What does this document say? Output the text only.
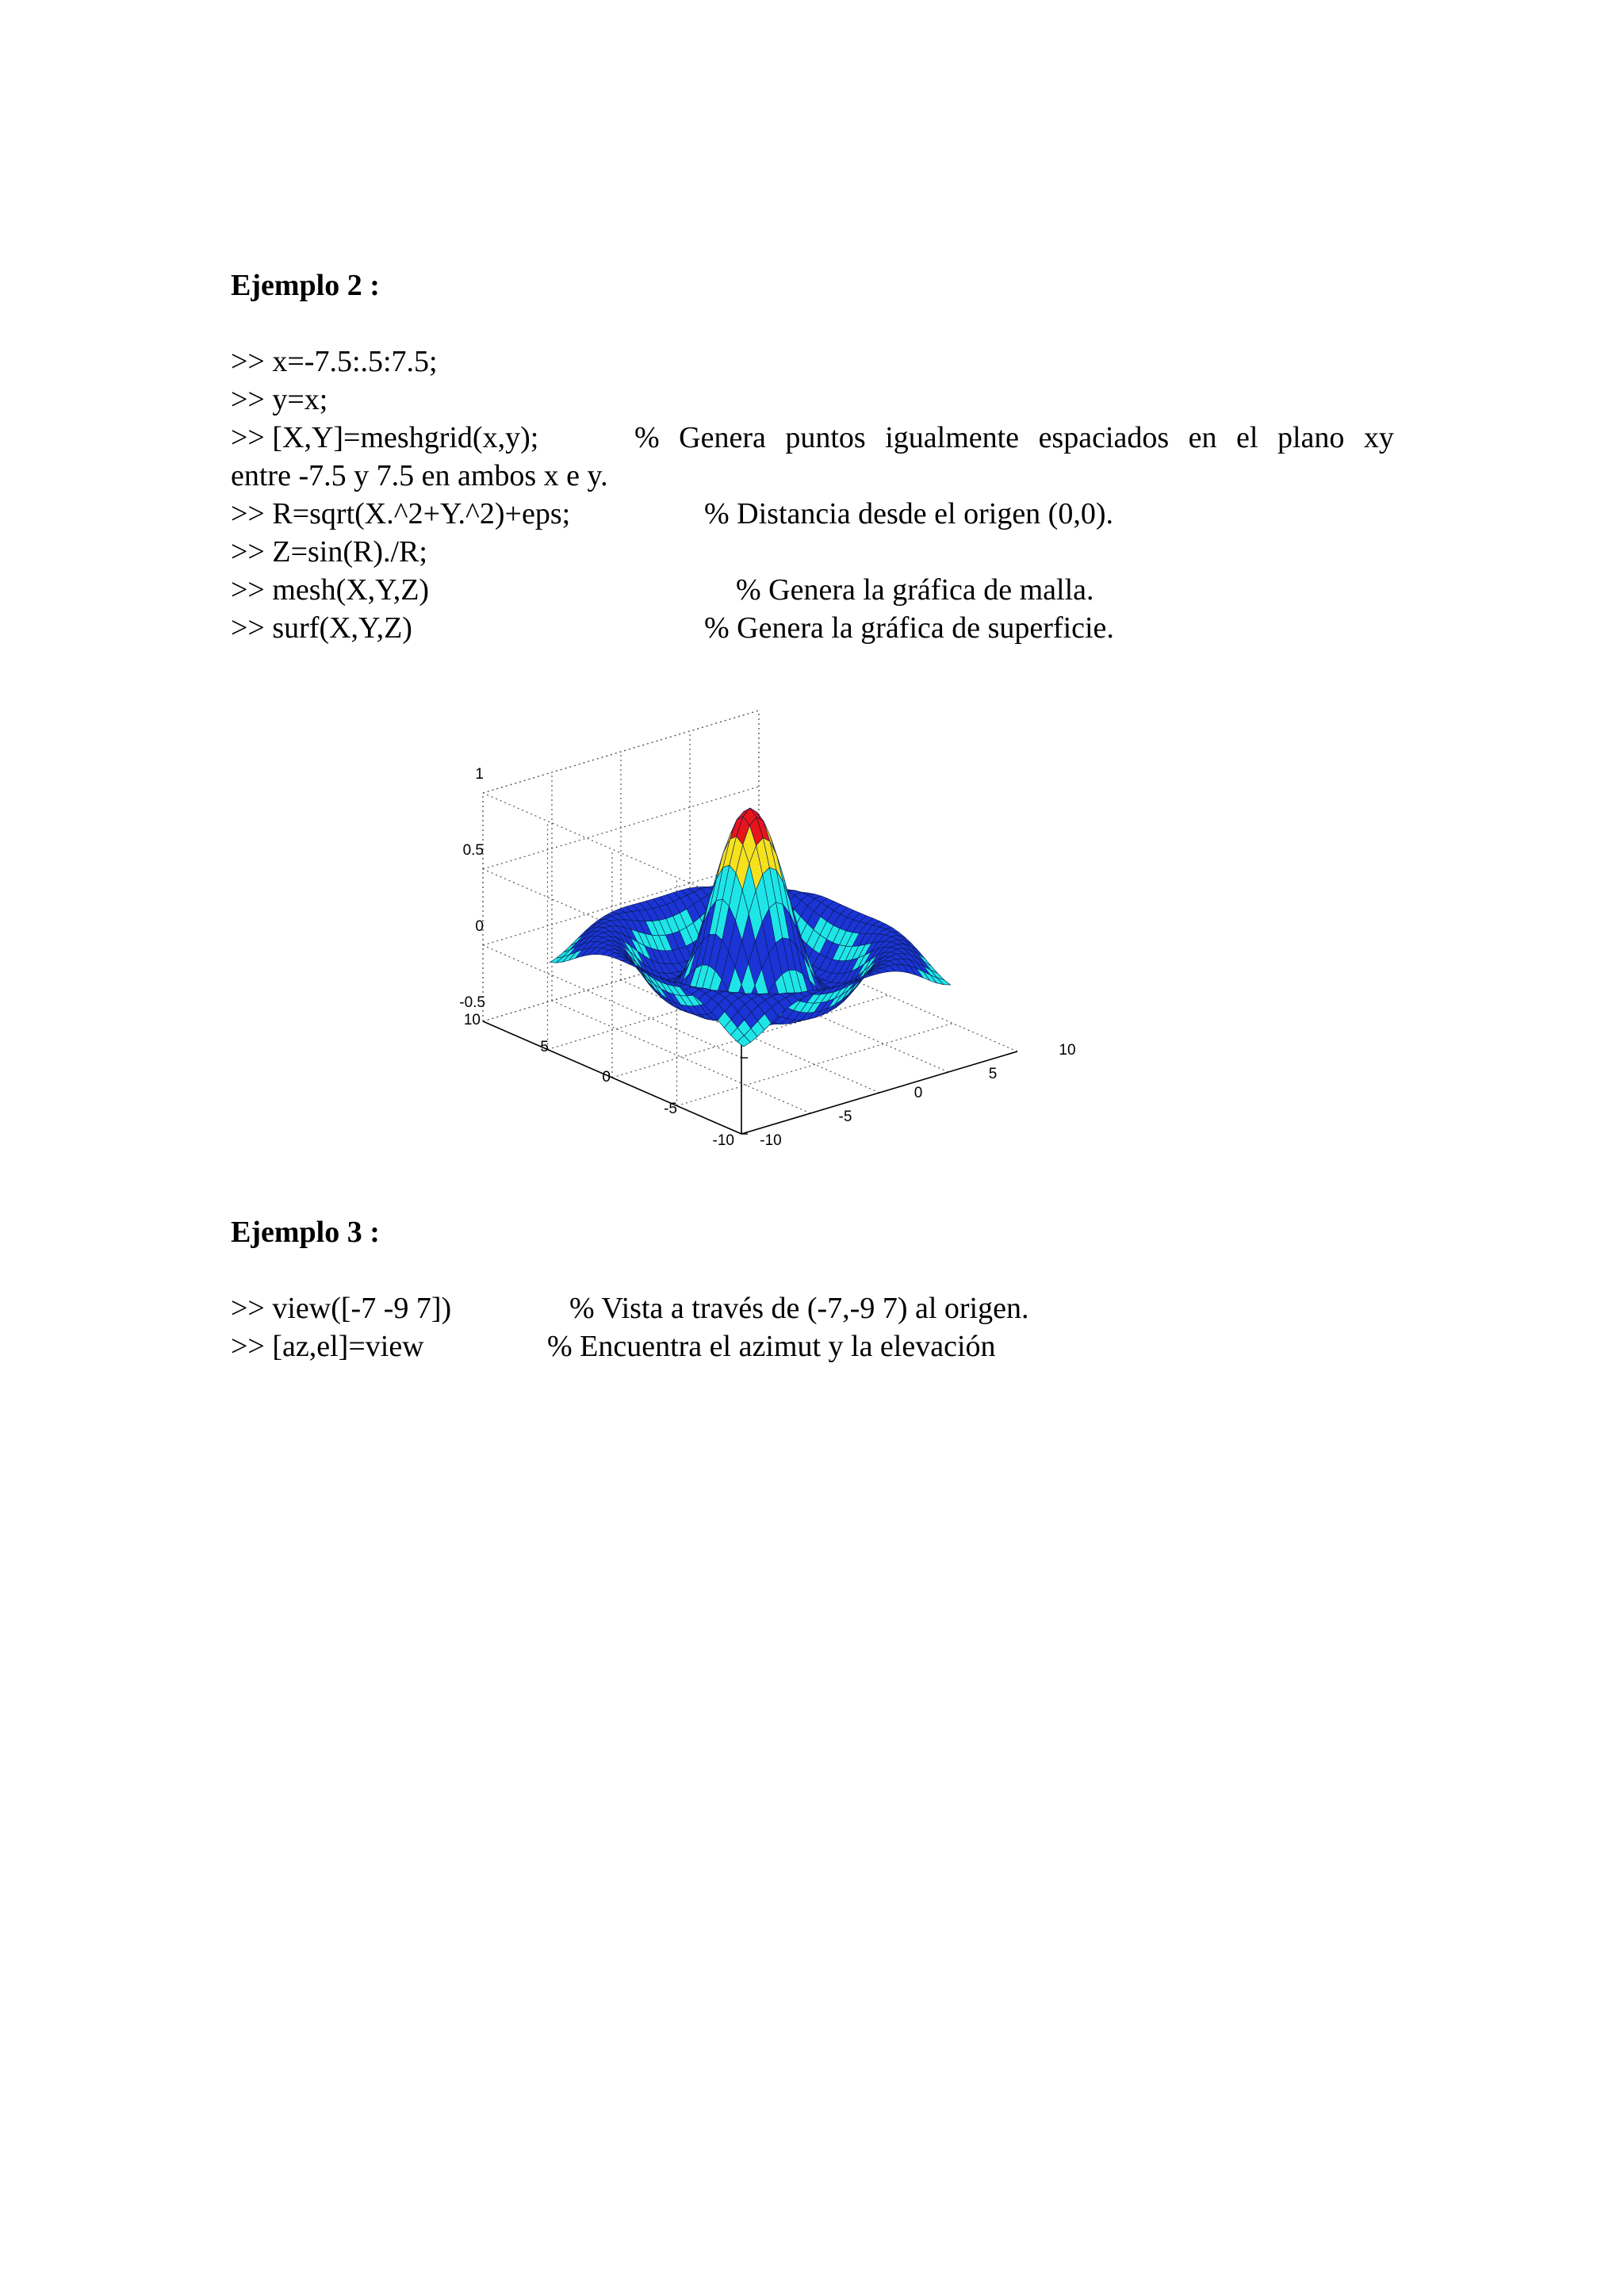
Ejemplo 2 :
>> x=-7.5:.5:7.5;
>> y=x;
>> [X,Y]=meshgrid(x,y);	% Genera puntos igualmente espaciados en el plano xy
entre -7.5 y 7.5 en ambos x e y.
>> R=sqrt(X.^2+Y.^2)+eps;	% Distancia desde el origen (0,0).
>> Z=sin(R)./R;
>> mesh(X,Y,Z)	% Genera la gráfica de malla.
>> surf(X,Y,Z)	% Genera la gráfica de superficie.
1
0.5
0
-0.5
10
5
0
-5
-10 -10
-5
0
5
10
Ejemplo 3 :
>> view([-7 -9 7])	% Vista a través de (-7,-9 7) al origen.
>> [az,el]=view	% Encuentra el azimut y la elevación
